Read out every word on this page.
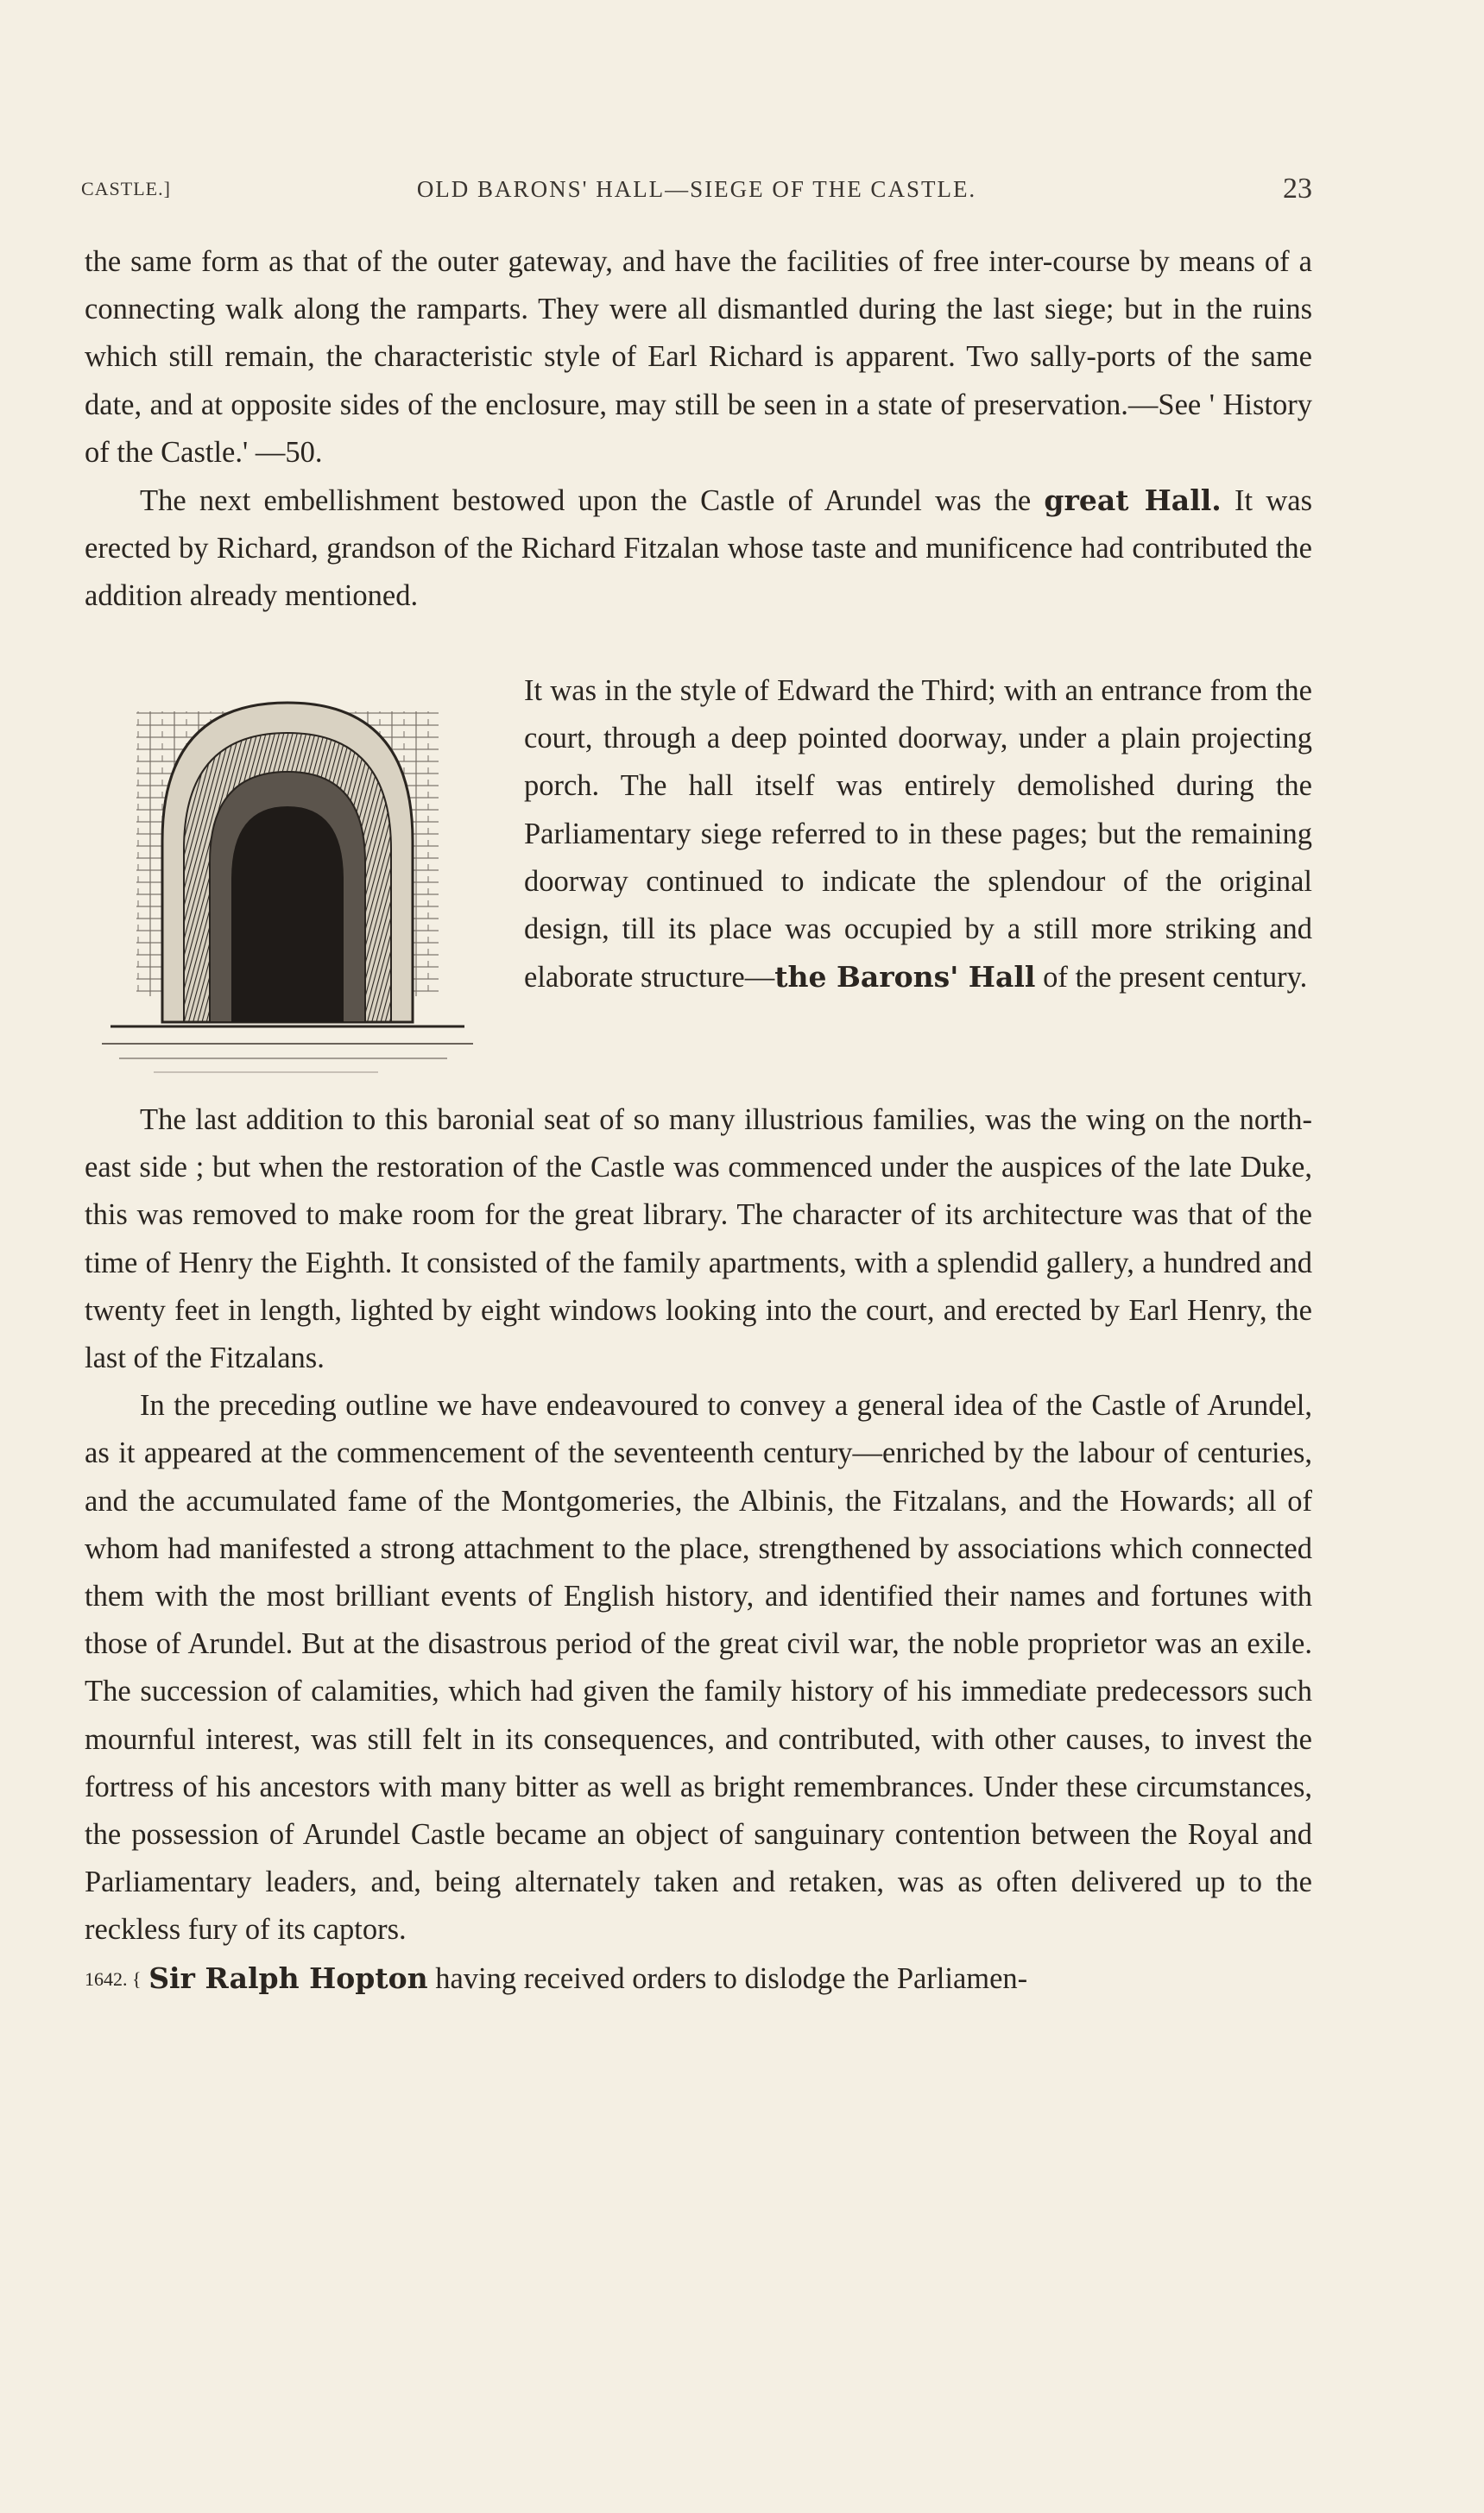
CASTLE.]	OLD BARONS' HALL—SIEGE OF THE CASTLE.	23

the same form as that of the outer gateway, and have the facilities of free inter-course by means of a connecting walk along the ramparts. They were all dismantled during the last siege; but in the ruins which still remain, the characteristic style of Earl Richard is apparent. Two sally-ports of the same date, and at opposite sides of the enclosure, may still be seen in a state of preservation.—See ' History of the Castle.' —50.

The next embellishment bestowed upon the Castle of Arundel was the great Hall. It was erected by Richard, grandson of the Richard Fitzalan whose taste and munificence had contributed the addition already mentioned.

It was in the style of Edward the Third; with an entrance from the court, through a deep pointed doorway, under a plain projecting porch. The hall itself was entirely demolished during the Parliamentary siege referred to in these pages; but the remaining doorway continued to indicate the splendour of the original design, till its place was occupied by a still more striking and elaborate structure—the Barons' Hall of the present century.

The last addition to this baronial seat of so many illustrious families, was the wing on the north-east side ; but when the restoration of the Castle was commenced under the auspices of the late Duke, this was removed to make room for the great library. The character of its architecture was that of the time of Henry the Eighth. It consisted of the family apartments, with a splendid gallery, a hundred and twenty feet in length, lighted by eight windows looking into the court, and erected by Earl Henry, the last of the Fitzalans.

In the preceding outline we have endeavoured to convey a general idea of the Castle of Arundel, as it appeared at the commencement of the seventeenth century—enriched by the labour of centuries, and the accumulated fame of the Montgomeries, the Albinis, the Fitzalans, and the Howards; all of whom had manifested a strong attachment to the place, strengthened by associations which connected them with the most brilliant events of English history, and identified their names and fortunes with those of Arundel. But at the disastrous period of the great civil war, the noble proprietor was an exile. The succession of calamities, which had given the family history of his immediate predecessors such mournful interest, was still felt in its consequences, and contributed, with other causes, to invest the fortress of his ancestors with many bitter as well as bright remembrances. Under these circumstances, the possession of Arundel Castle became an object of sanguinary contention between the Royal and Parliamentary leaders, and, being alternately taken and retaken, was as often delivered up to the reckless fury of its captors.

1642. { Sir Ralph Hopton having received orders to dislodge the Parliamen-
